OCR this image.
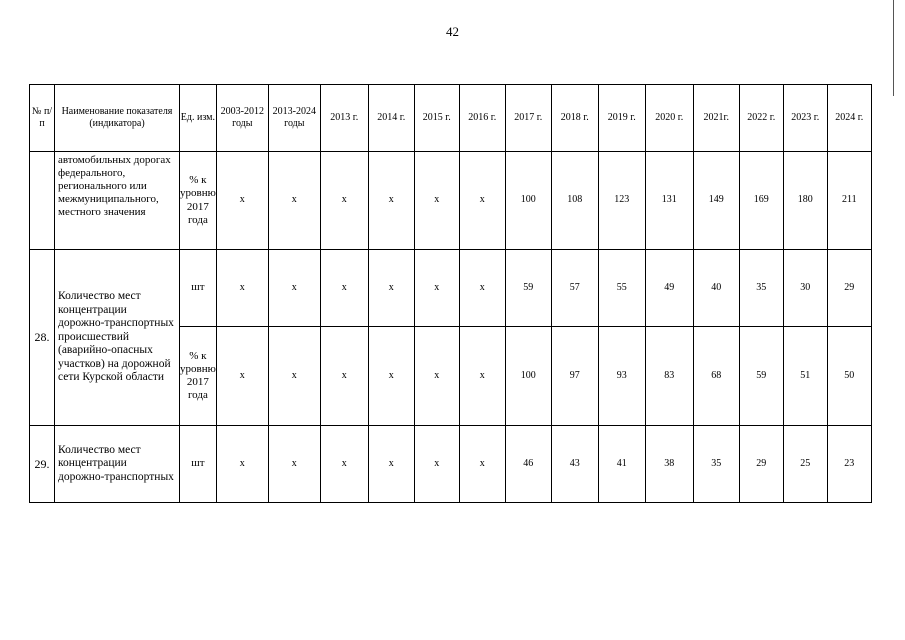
42
№ п/п	Наименование показателя (индикатора)	Ед. изм.	2003-2012 годы	2013-2024 годы	2013 г.	2014 г.	2015 г.	2016 г.	2017 г.	2018 г.	2019 г.	2020 г.	2021г.	2022 г.	2023 г.	2024 г.
	автомобильных дорогах федерального, регионального или межмуниципального, местного значения	% к уровню 2017 года	x	x	x	x	x	x	100	108	123	131	149	169	180	211
28.	Количество мест концентрации дорожно-транспортных происшествий (аварийно-опасных участков) на дорожной сети Курской области	шт	x	x	x	x	x	x	59	57	55	49	40	35	30	29
		% к уровню 2017 года	x	x	x	x	x	x	100	97	93	83	68	59	51	50
29.	Количество мест концентрации дорожно-транспортных	шт	x	x	x	x	x	x	46	43	41	38	35	29	25	23
